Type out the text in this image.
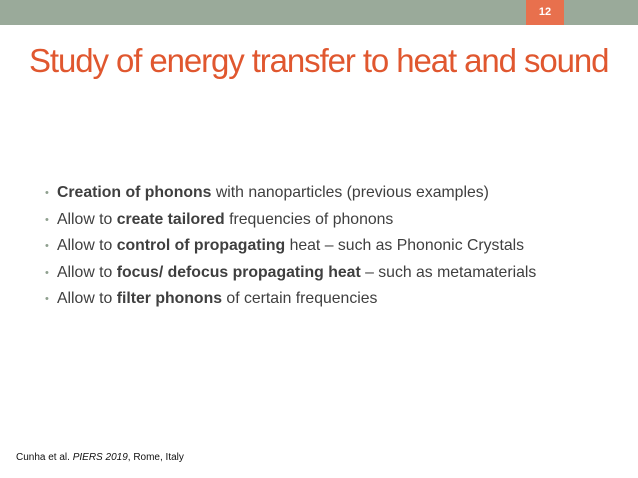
12
Study of energy transfer to heat and sound
• Creation of phonons with nanoparticles (previous examples)
• Allow to create tailored frequencies of phonons
• Allow to control of propagating heat – such as Phononic Crystals
• Allow to focus/ defocus propagating heat – such as metamaterials
• Allow to filter phonons of certain frequencies
Cunha et al. PIERS 2019, Rome, Italy
